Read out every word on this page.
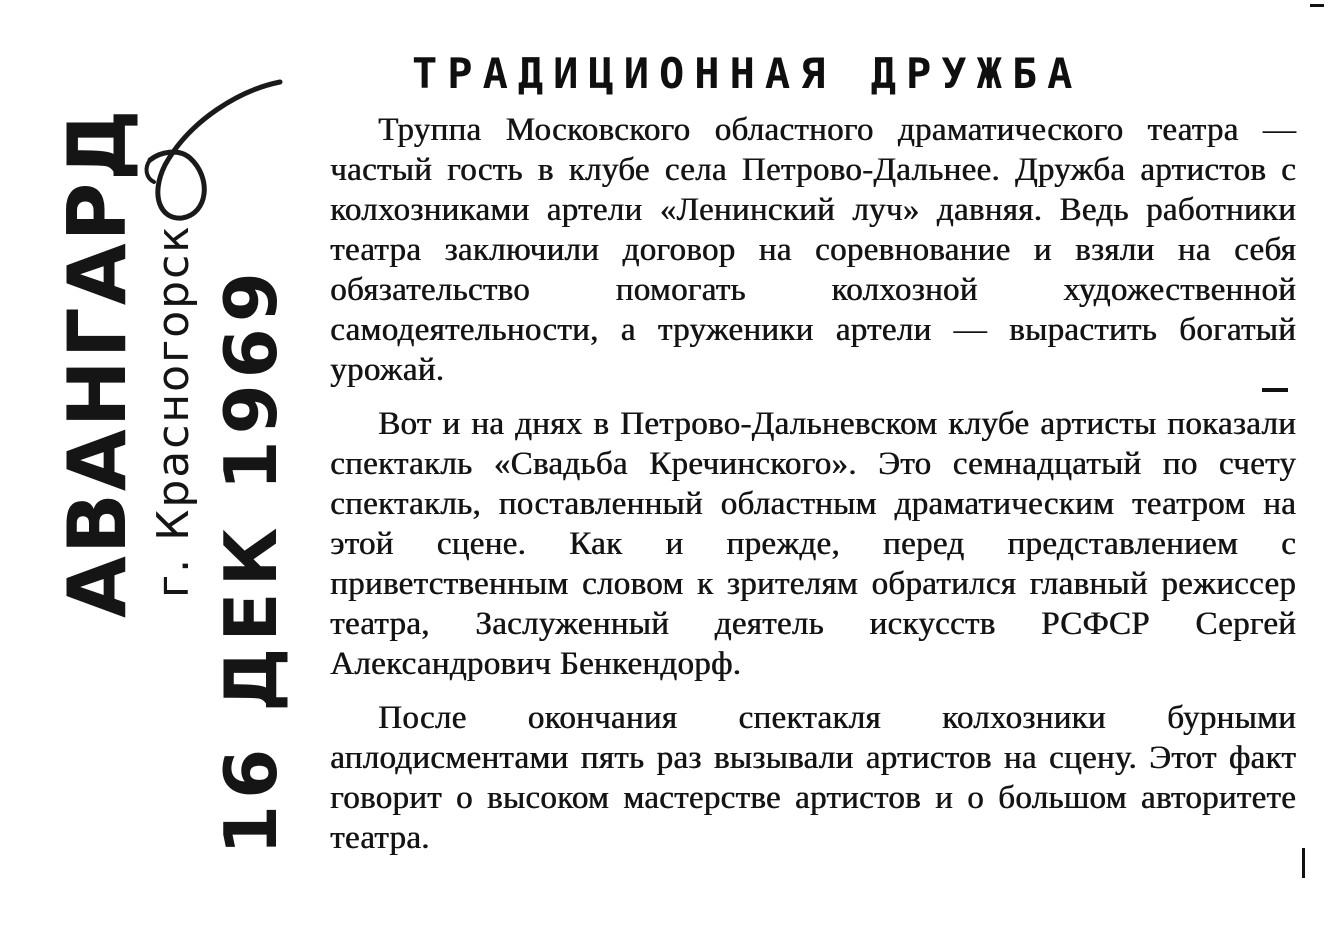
АВАНГАРД г. Красногорск 16 ДЕК 1969
ТРАДИЦИОННАЯ ДРУЖБА

Труппа Московского областного драматического театра — частый гость в клубе села Петрово-Дальнее. Дружба артистов с колхозниками артели «Ленинский луч» давняя. Ведь работники театра заключили договор на соревнование и взяли на себя обязательство помогать колхозной художественной самодеятельности, а труженики артели — вырастить богатый урожай.

Вот и на днях в Петрово-Дальневском клубе артисты показали спектакль «Свадьба Кречинского». Это семнадцатый по счету спектакль, поставленный областным драматическим театром на этой сцене. Как и прежде, перед представлением с приветственным словом к зрителям обратился главный режиссер театра, Заслуженный деятель искусств РСФСР Сергей Александрович Бенкендорф.

После окончания спектакля колхозники бурными аплодисментами пять раз вызывали артистов на сцену. Этот факт говорит о высоком мастерстве артистов и о большом авторитете театра.
